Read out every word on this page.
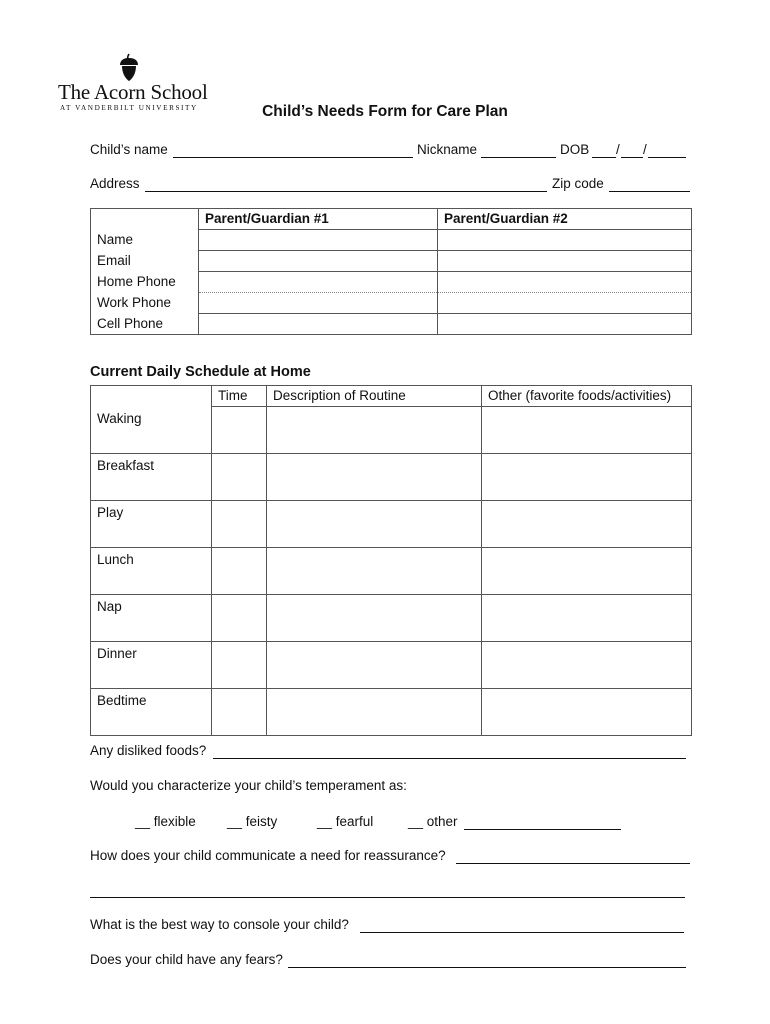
The Acorn School
AT VANDERBILT UNIVERSITY	Child’s Needs Form for Care Plan
Child’s name	Nickname	DOB / /
Address	Zip code
	Parent/Guardian #1	Parent/Guardian #2
Name		
Email		
Home Phone		
Work Phone		
Cell Phone		
Current Daily Schedule at Home
	Time	Description of Routine	Other (favorite foods/activities)
Waking			
Breakfast			
Play			
Lunch			
Nap			
Dinner			
Bedtime			
Any disliked foods?
Would you characterize your child’s temperament as:
__ flexible __ feisty	__ fearful	__ other
How does your child communicate a need for reassurance?
What is the best way to console your child?
Does your child have any fears?
